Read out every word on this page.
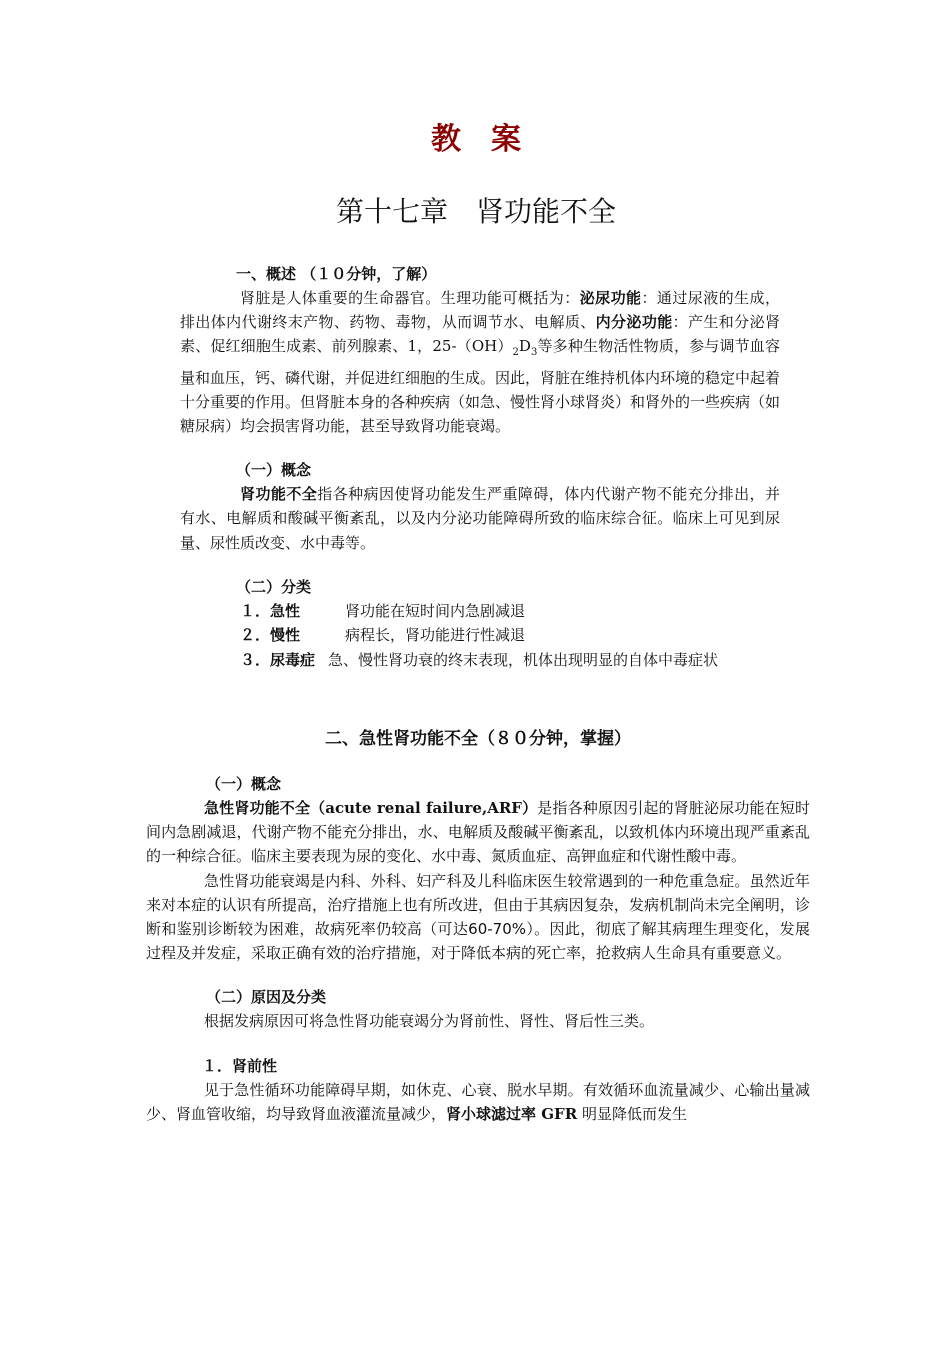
教　案
第十七章　肾功能不全
一、概述 （１０分钟，了解）

肾脏是人体重要的生命器官。生理功能可概括为：泌尿功能：通过尿液的生成，排出体内代谢终末产物、药物、毒物，从而调节水、电解质、内分泌功能：产生和分泌肾素、促红细胞生成素、前列腺素、1，$25-(OH)_2D_3$等多种生物活性物质，参与调节血容量和血压，钙、磷代谢，并促进红细胞的生成。因此，肾脏在维持机体内环境的稳定中起着十分重要的作用。但肾脏本身的各种疾病（如急、慢性肾小球肾炎）和肾外的一些疾病（如糖尿病）均会损害肾功能，甚至导致肾功能衰竭。

（一）概念

肾功能不全指各种病因使肾功能发生严重障碍，体内代谢产物不能充分排出，并有水、电解质和酸碱平衡紊乱，以及内分泌功能障碍所致的临床综合征。临床上可见到尿量、尿性质改变、水中毒等。

（二）分类
１．急性	肾功能在短时间内急剧减退
２．慢性	病程长，肾功能进行性减退
３．尿毒症 急、慢性肾功衰的终末表现，机体出现明显的自体中毒症状
二、急性肾功能不全（８０分钟，掌握）
（一）概念

急性肾功能不全（acute renal failure,ARF）是指各种原因引起的肾脏泌尿功能在短时间内急剧减退，代谢产物不能充分排出，水、电解质及酸碱平衡紊乱，以致机体内环境出现严重紊乱的一种综合征。临床主要表现为尿的变化、水中毒、氮质血症、高钾血症和代谢性酸中毒。

急性肾功能衰竭是内科、外科、妇产科及儿科临床医生较常遇到的一种危重急症。虽然近年来对本症的认识有所提高，治疗措施上也有所改进，但由于其病因复杂，发病机制尚未完全阐明，诊断和鉴别诊断较为困难，故病死率仍较高（可达60-70%）。因此，彻底了解其病理生理变化，发展过程及并发症，采取正确有效的治疗措施，对于降低本病的死亡率，抢救病人生命具有重要意义。

（二）原因及分类

根据发病原因可将急性肾功能衰竭分为肾前性、肾性、肾后性三类。

１．肾前性

见于急性循环功能障碍早期，如休克、心衰、脱水早期。有效循环血流量减少、心输出量减少、肾血管收缩，均导致肾血液灌流量减少，肾小球滤过率 GFR 明显降低而发生
